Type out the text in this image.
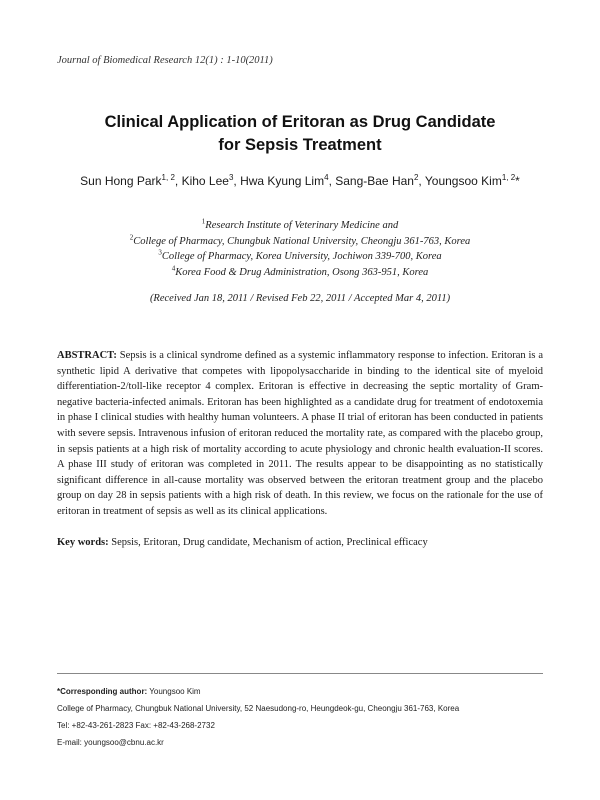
Journal of Biomedical Research 12(1) : 1-10(2011)
Clinical Application of Eritoran as Drug Candidate
for Sepsis Treatment
Sun Hong Park$^{1, 2}$, Kiho Lee$^3$, Hwa Kyung Lim$^4$, Sang-Bae Han$^2$, Youngsoo Kim$^{1, 2}$*
$^1$Research Institute of Veterinary Medicine and
$^2$College of Pharmacy, Chungbuk National University, Cheongju 361-763, Korea
$^3$College of Pharmacy, Korea University, Jochiwon 339-700, Korea
$^4$Korea Food & Drug Administration, Osong 363-951, Korea
(Received Jan 18, 2011 / Revised Feb 22, 2011 / Accepted Mar 4, 2011)
ABSTRACT: Sepsis is a clinical syndrome defined as a systemic inflammatory response to infection. Eritoran is a synthetic lipid A derivative that competes with lipopolysaccharide in binding to the identical site of myeloid differentiation-2/toll-like receptor 4 complex. Eritoran is effective in decreasing the septic mortality of Gram-negative bacteria-infected animals. Eritoran has been highlighted as a candidate drug for treatment of endotoxemia in phase I clinical studies with healthy human volunteers. A phase II trial of eritoran has been conducted in patients with severe sepsis. Intravenous infusion of eritoran reduced the mortality rate, as compared with the placebo group, in sepsis patients at a high risk of mortality according to acute physiology and chronic health evaluation-II scores. A phase III study of eritoran was completed in 2011. The results appear to be disappointing as no statistically significant difference in all-cause mortality was observed between the eritoran treatment group and the placebo group on day 28 in sepsis patients with a high risk of death. In this review, we focus on the rationale for the use of eritoran in treatment of sepsis as well as its clinical applications.
Key words: Sepsis, Eritoran, Drug candidate, Mechanism of action, Preclinical efficacy
*Corresponding author: Youngsoo Kim
College of Pharmacy, Chungbuk National University, 52 Naesudong-ro, Heungdeok-gu, Cheongju 361-763, Korea
Tel: +82-43-261-2823 Fax: +82-43-268-2732
E-mail: youngsoo@cbnu.ac.kr
